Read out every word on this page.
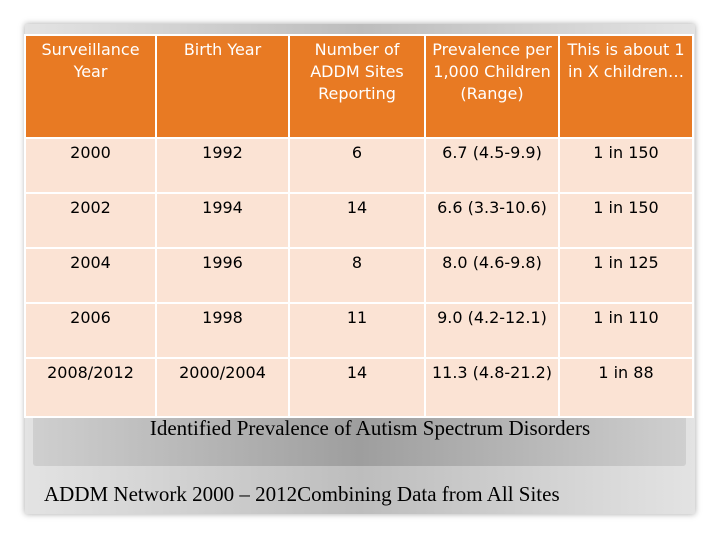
Surveillance Year	Birth Year	Number of ADDM Sites Reporting	Prevalence per 1,000 Children (Range)	This is about 1 in X children…
2000	1992	6	6.7 (4.5-9.9)	1 in 150
2002	1994	14	6.6 (3.3-10.6)	1 in 150
2004	1996	8	8.0 (4.6-9.8)	1 in 125
2006	1998	11	9.0 (4.2-12.1)	1 in 110
2008/2012	2000/2004	14	11.3 (4.8-21.2)	1 in 88
Identified Prevalence of Autism Spectrum Disorders
ADDM Network 2000 – 2012Combining Data from All Sites
